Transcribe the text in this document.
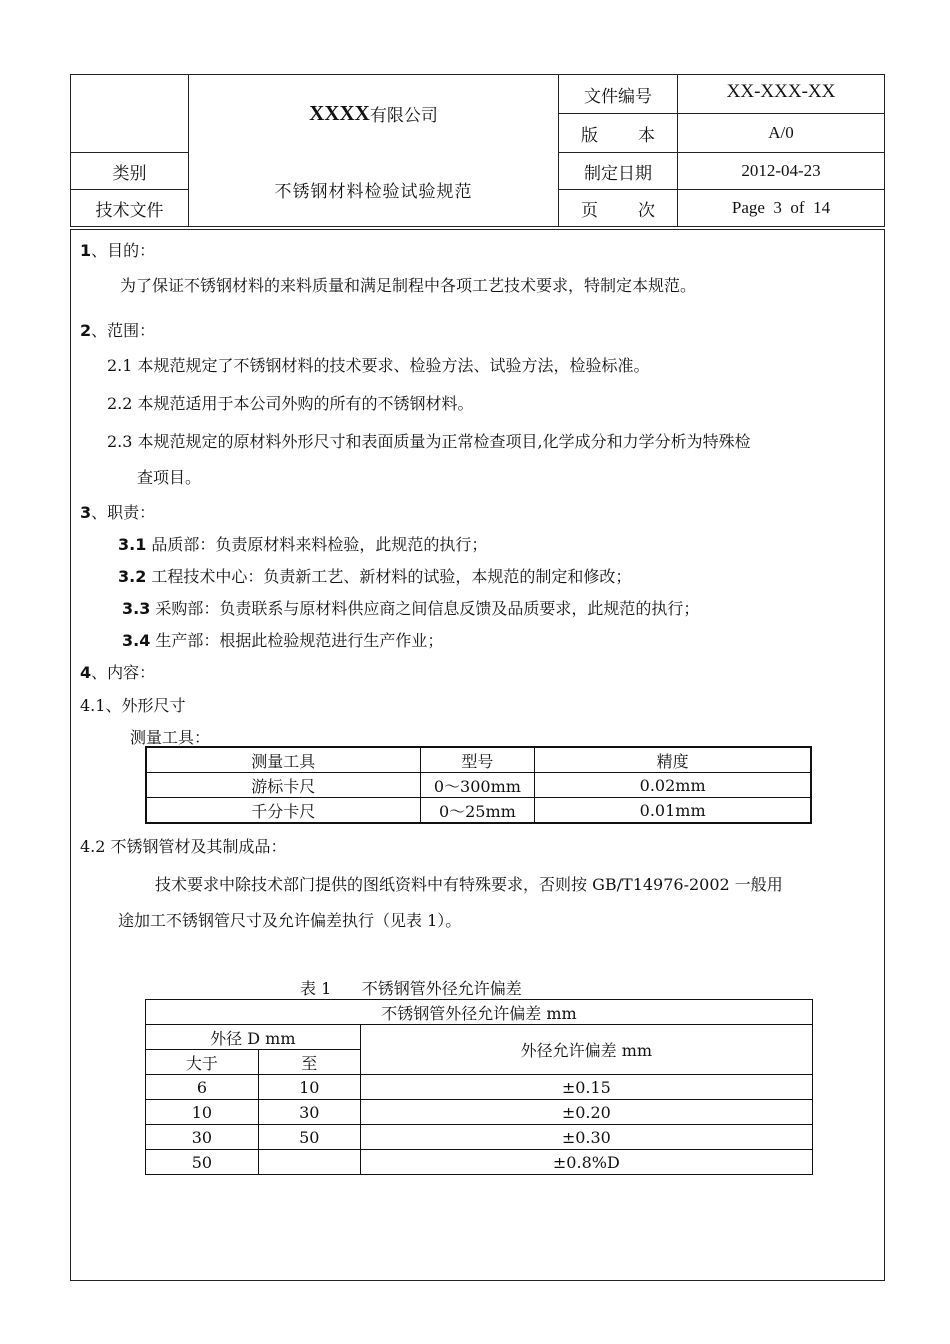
XXXX 有限公司
不锈钢材料检验试验规范
类别
技术文件
文件编号	XX-XXX-XX
版 本	A/0
制定日期	2012-04-23
页 次	Page  3  of  14
1、目的：
为了保证不锈钢材料的来料质量和满足制程中各项工艺技术要求，特制定本规范。
2、范围：
2.1 本规范规定了不锈钢材料的技术要求、检验方法、试验方法，检验标准。
2.2 本规范适用于本公司外购的所有的不锈钢材料。
2.3 本规范规定的原材料外形尺寸和表面质量为正常检查项目,化学成分和力学分析为特殊检
查项目。
3、职责：
3.1 品质部：负责原材料来料检验，此规范的执行；
3.2 工程技术中心：负责新工艺、新材料的试验，本规范的制定和修改；
3.3 采购部：负责联系与原材料供应商之间信息反馈及品质要求，此规范的执行；
3.4 生产部：根据此检验规范进行生产作业；
4、内容：
4.1、外形尺寸
测量工具：
测量工具	型号	精度
游标卡尺	0～300mm	0.02mm
千分卡尺	0～25mm	0.01mm
4.2 不锈钢管材及其制成品：
技术要求中除技术部门提供的图纸资料中有特殊要求，否则按 GB/T14976-2002 一般用
途加工不锈钢管尺寸及允许偏差执行（见表 1）。
表 1      不锈钢管外径允许偏差
不锈钢管外径允许偏差 mm		
外径 D mm		外径允许偏差 mm
大于	至	
6	10	±0.15
10	30	±0.20
30	50	±0.30
50		±0.8%D
